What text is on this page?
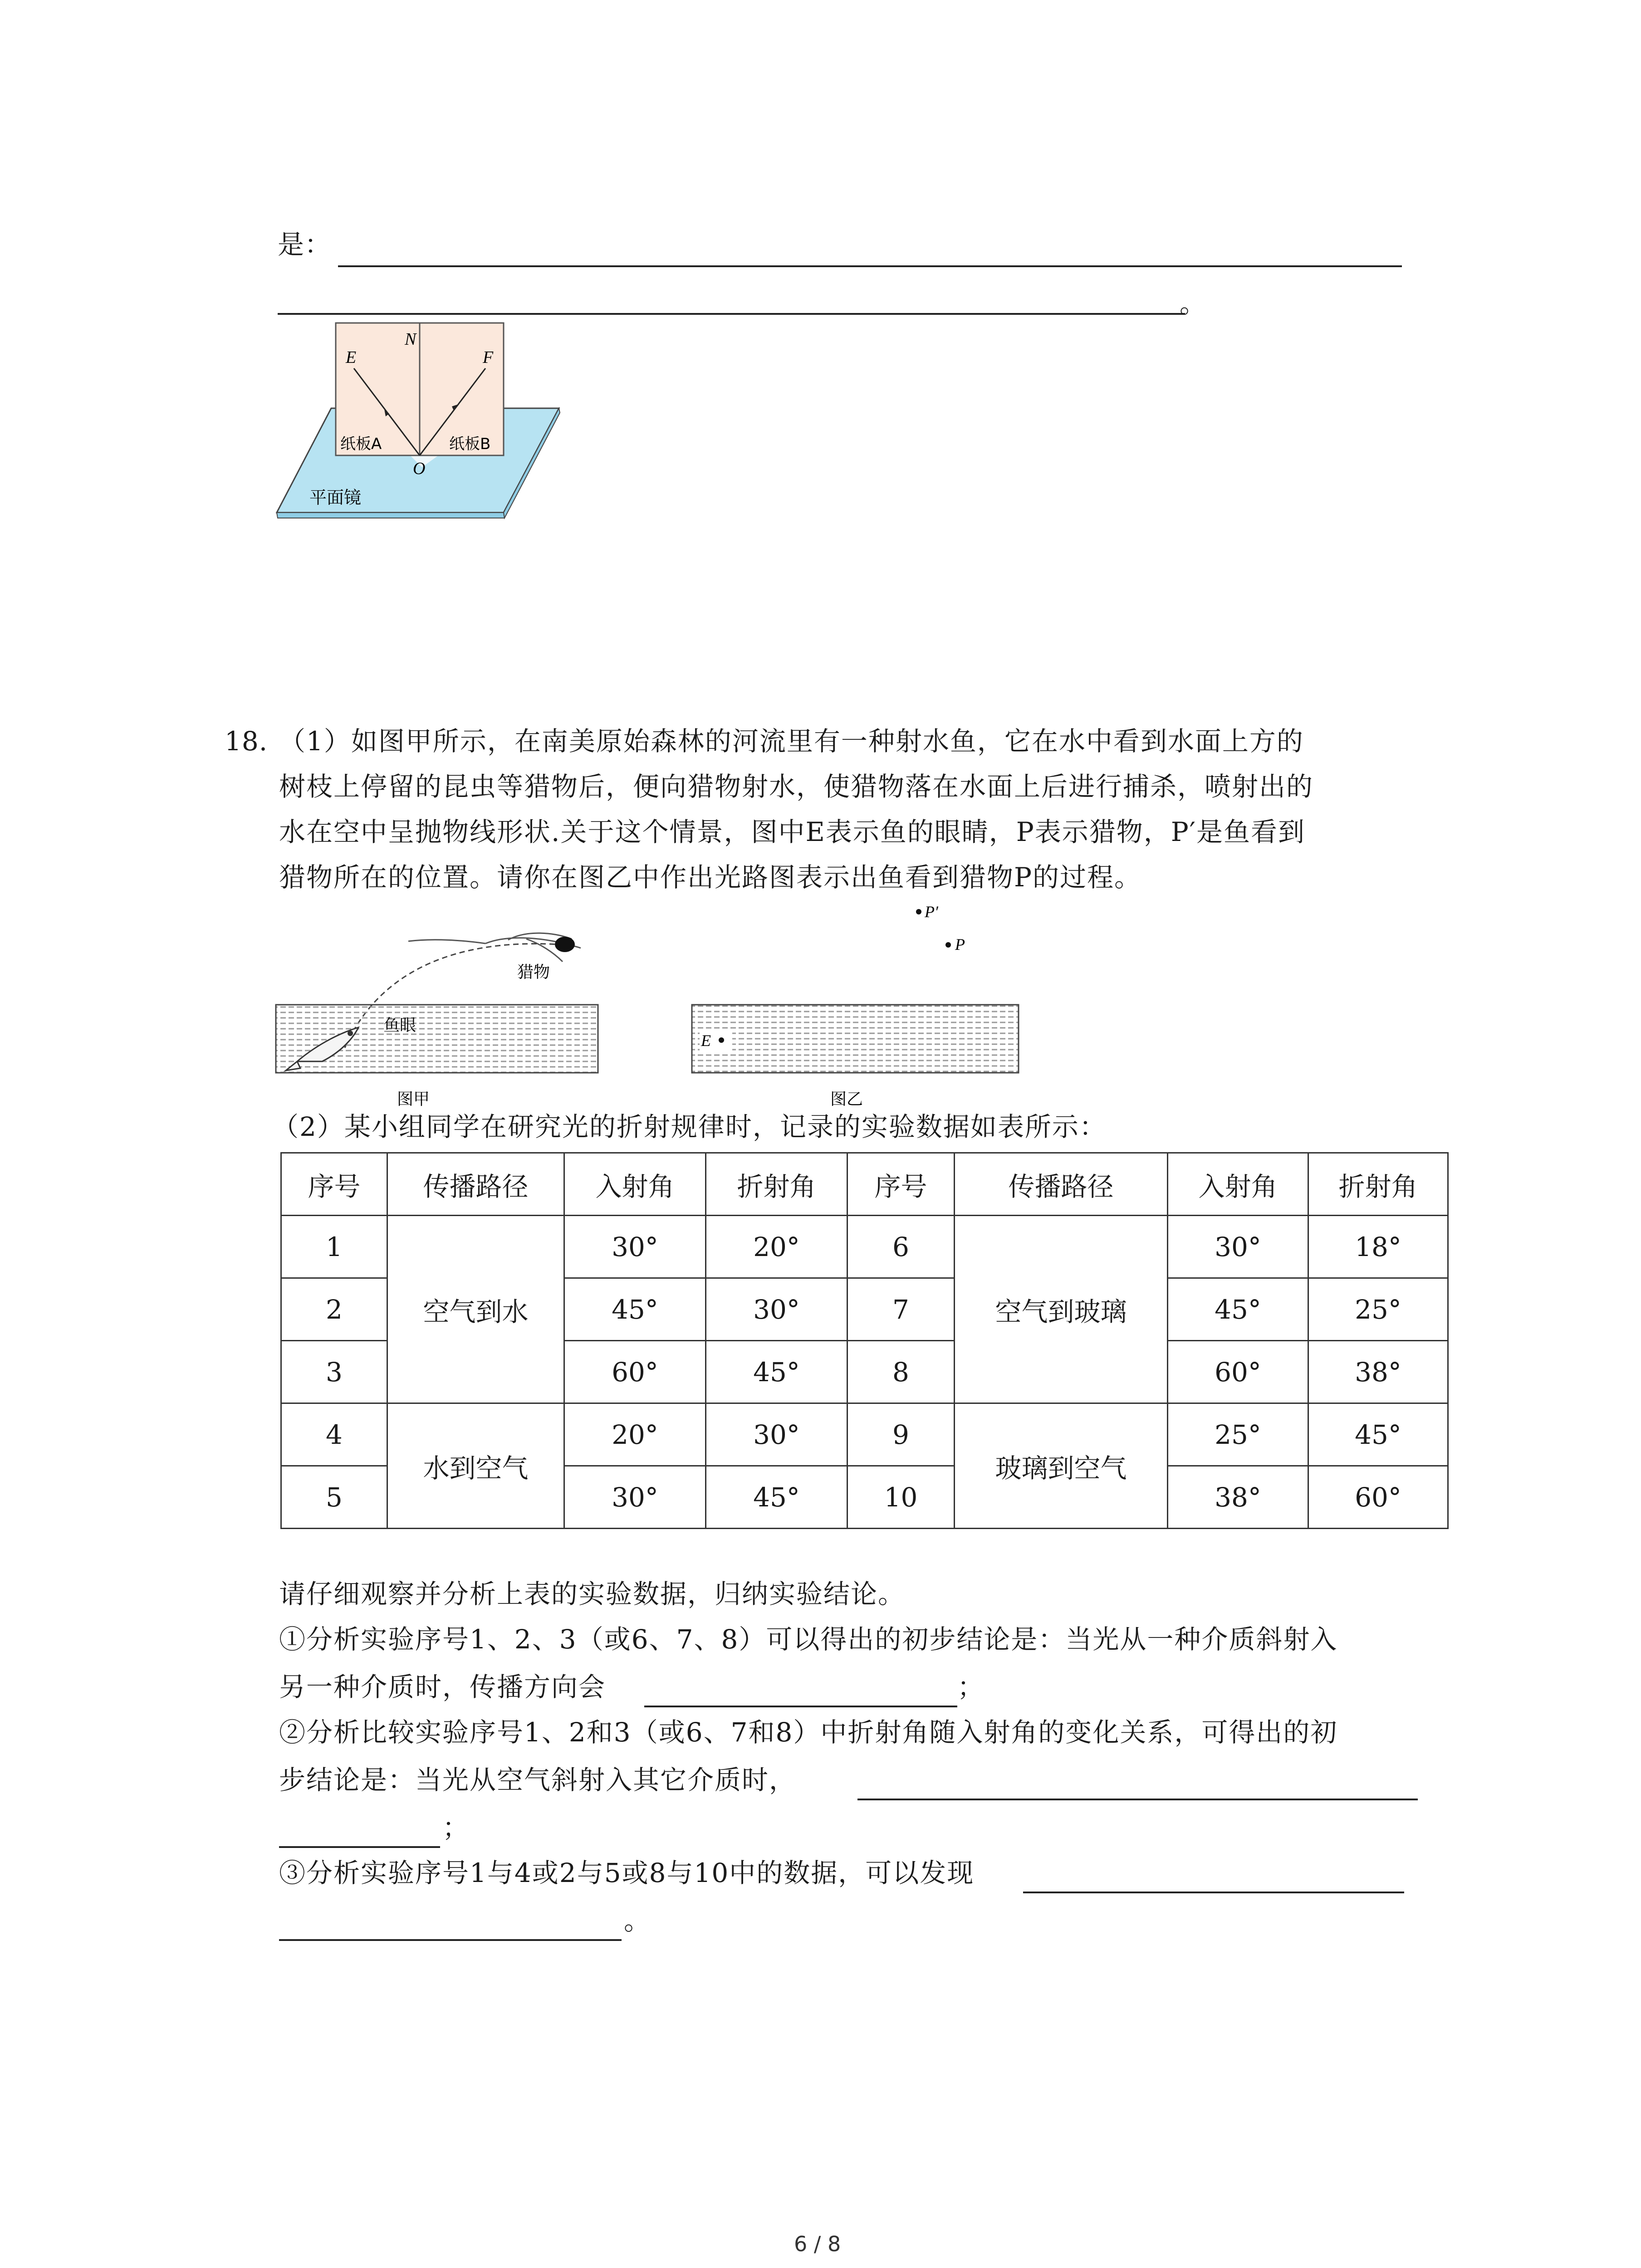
是：
。
N
E	F
O
纸板A	纸板B
平面镜
18. （1）如图甲所示，在南美原始森林的河流里有一种射水鱼，它在水中看到水面上方的
树枝上停留的昆虫等猎物后，便向猎物射水，使猎物落在水面上后进行捕杀，喷射出的
水在空中呈抛物线形状.关于这个情景，图中E表示鱼的眼睛，P表示猎物，P′是鱼看到
猎物所在的位置。请你在图乙中作出光路图表示出鱼看到猎物P的过程。
猎物
鱼眼
图甲
P′
P
E
图乙
（2）某小组同学在研究光的折射规律时，记录的实验数据如表所示：
序号	传播路径	入射角	折射角	序号	传播路径	入射角	折射角
1	空气到水	30°	20°	6	空气到玻璃	30°	18°
2		45°	30°	7		45°	25°
3		60°	45°	8		60°	38°
4	水到空气	20°	30°	9	玻璃到空气	25°	45°
5		30°	45°	10		38°	60°
请仔细观察并分析上表的实验数据，归纳实验结论。
①分析实验序号1、2、3（或6、7、8）可以得出的初步结论是：当光从一种介质斜射入
另一种介质时，传播方向会	；
②分析比较实验序号1、2和3（或6、7和8）中折射角随入射角的变化关系，可得出的初
步结论是：当光从空气斜射入其它介质时，
；
③分析实验序号1与4或2与5或8与10中的数据，可以发现
。
6 / 8
